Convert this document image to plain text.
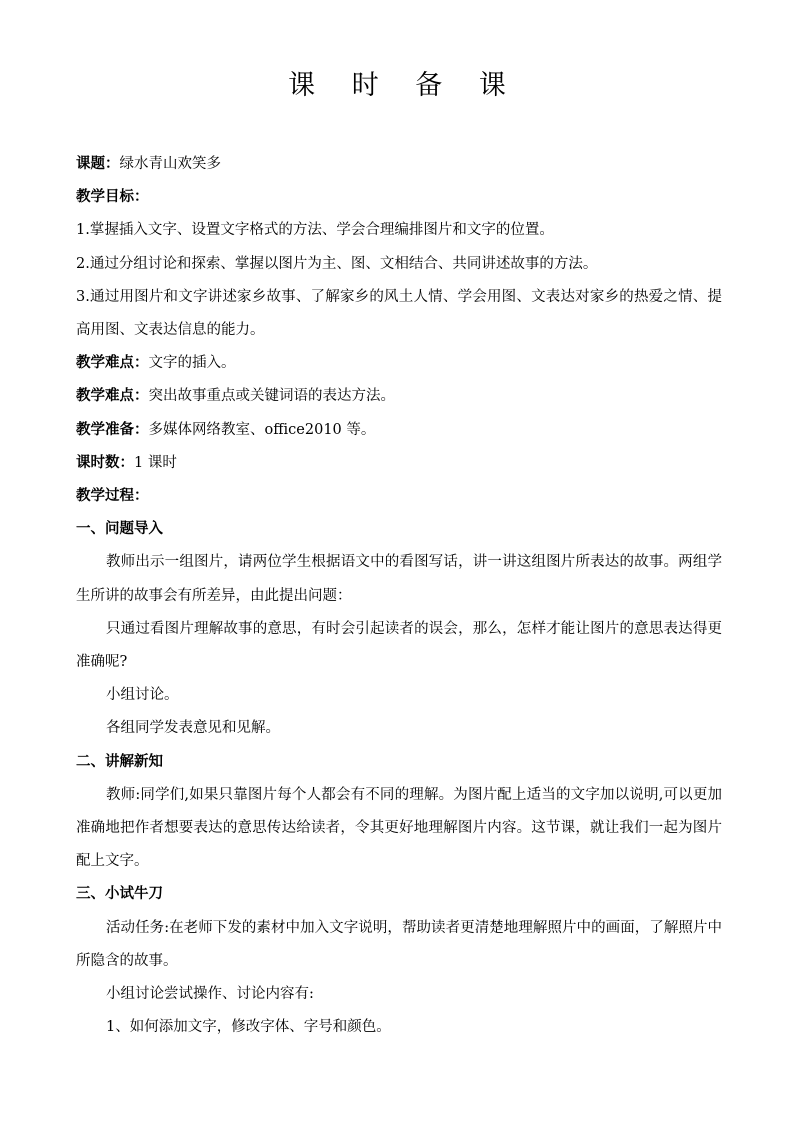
课 时 备 课

课题：绿水青山欢笑多

教学目标：

1.掌握插入文字、设置文字格式的方法、学会合理编排图片和文字的位置。

2.通过分组讨论和探索、掌握以图片为主、图、文相结合、共同讲述故事的方法。

3.通过用图片和文字讲述家乡故事、了解家乡的风土人情、学会用图、文表达对家乡的热爱之情、提高用图、文表达信息的能力。

教学难点：文字的插入。

教学难点：突出故事重点或关键词语的表达方法。

教学准备：多媒体网络教室、office2010 等。

课时数：1 课时

教学过程：

一、问题导入

教师出示一组图片，请两位学生根据语文中的看图写话，讲一讲这组图片所表达的故事。两组学生所讲的故事会有所差异，由此提出问题：

只通过看图片理解故事的意思，有时会引起读者的误会，那么，怎样才能让图片的意思表达得更准确呢?

小组讨论。

各组同学发表意见和见解。

二、讲解新知

教师:同学们,如果只靠图片每个人都会有不同的理解。为图片配上适当的文字加以说明,可以更加准确地把作者想要表达的意思传达给读者，令其更好地理解图片内容。这节课，就让我们一起为图片配上文字。

三、小试牛刀

活动任务:在老师下发的素材中加入文字说明，帮助读者更清楚地理解照片中的画面，了解照片中所隐含的故事。

小组讨论尝试操作、讨论内容有:

1、如何添加文字，修改字体、字号和颜色。
